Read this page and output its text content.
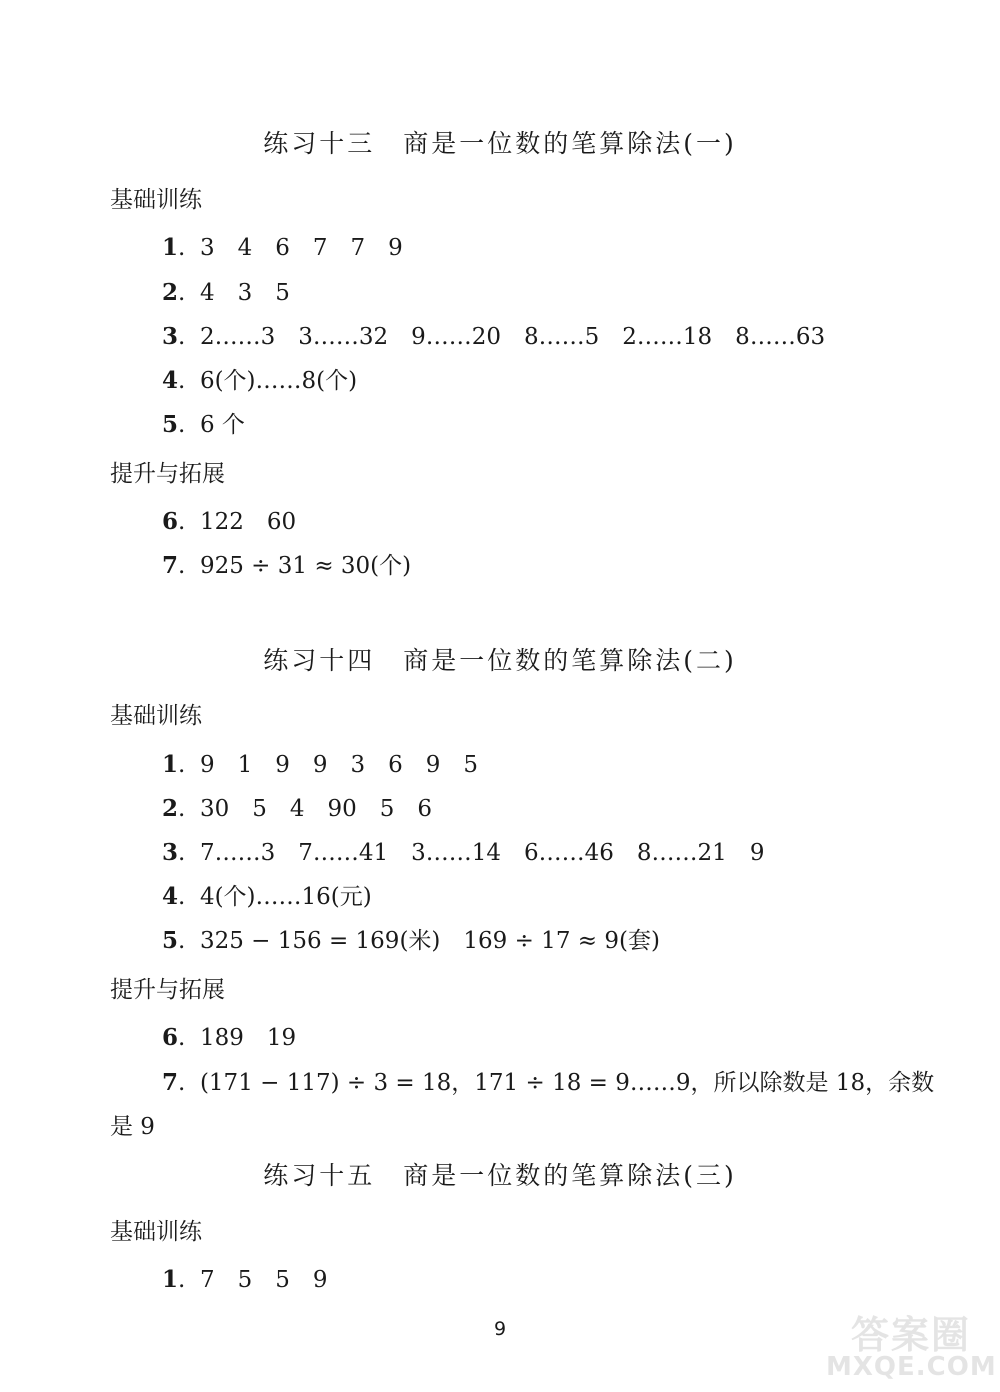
练习十三　商是一位数的笔算除法(一)
基础训练
1.  3　4　6　7　7　9
2.  4　3　5
3.  2……3　3……32　9……20　8……5　2……18　8……63
4.  6(个)……8(个)
5.  6 个
提升与拓展
6.  122　60
7.  925 ÷ 31 ≈ 30(个)
练习十四　商是一位数的笔算除法(二)
基础训练
1.  9　1　9　9　3　6　9　5
2.  30　5　4　90　5　6
3.  7……3　7……41　3……14　6……46　8……21　9
4.  4(个)……16(元)
5.  325 − 156 = 169(米)　169 ÷ 17 ≈ 9(套)
提升与拓展
6.  189　19
7.  (171 − 117) ÷ 3 = 18，171 ÷ 18 = 9……9，所以除数是 18，余数
是 9
练习十五　商是一位数的笔算除法(三)
基础训练
1.  7　5　5　9
9	答案圈
MXQE.COM
